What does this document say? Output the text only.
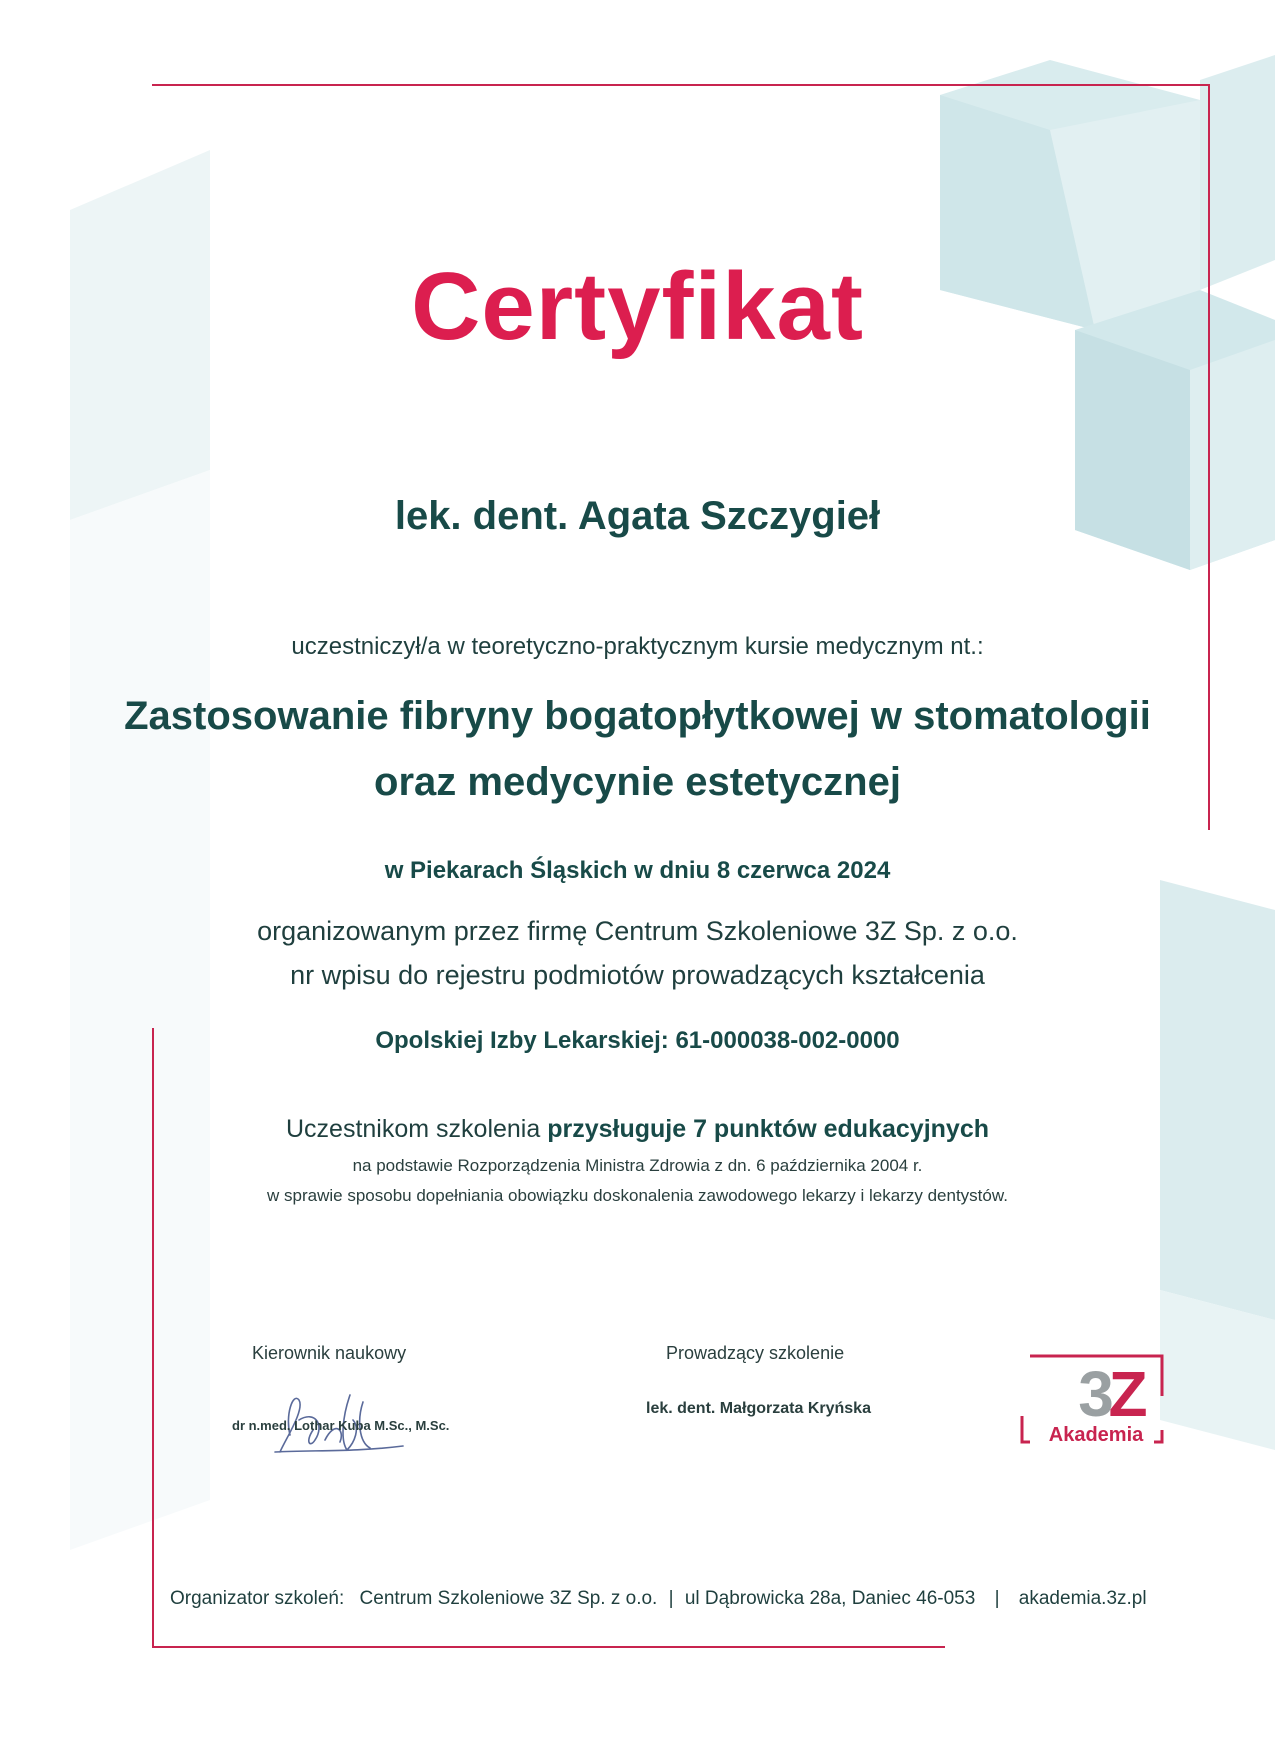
Certyfikat
lek. dent. Agata Szczygieł
uczestniczył/a w teoretyczno-praktycznym kursie medycznym nt.:
Zastosowanie fibryny bogatopłytkowej w stomatologii
oraz medycynie estetycznej
w Piekarach Śląskich w dniu 8 czerwca 2024
organizowanym przez firmę Centrum Szkoleniowe 3Z Sp. z o.o.
nr wpisu do rejestru podmiotów prowadzących kształcenia
Opolskiej Izby Lekarskiej: 61-000038-002-0000
Uczestnikom szkolenia przysługuje 7 punktów edukacyjnych
na podstawie Rozporządzenia Ministra Zdrowia z dn. 6 października 2004 r.
w sprawie sposobu dopełniania obowiązku doskonalenia zawodowego lekarzy i lekarzy dentystów.
Kierownik naukowy
dr n.med. Lothar Kuba M.Sc., M.Sc.
Prowadzący szkolenie
lek. dent. Małgorzata Kryńska	3
Z
Akademia
Organizator szkoleń: Centrum Szkoleniowe 3Z Sp. z o.o. | ul Dąbrowicka 28a, Daniec 46-053 | akademia.3z.pl
